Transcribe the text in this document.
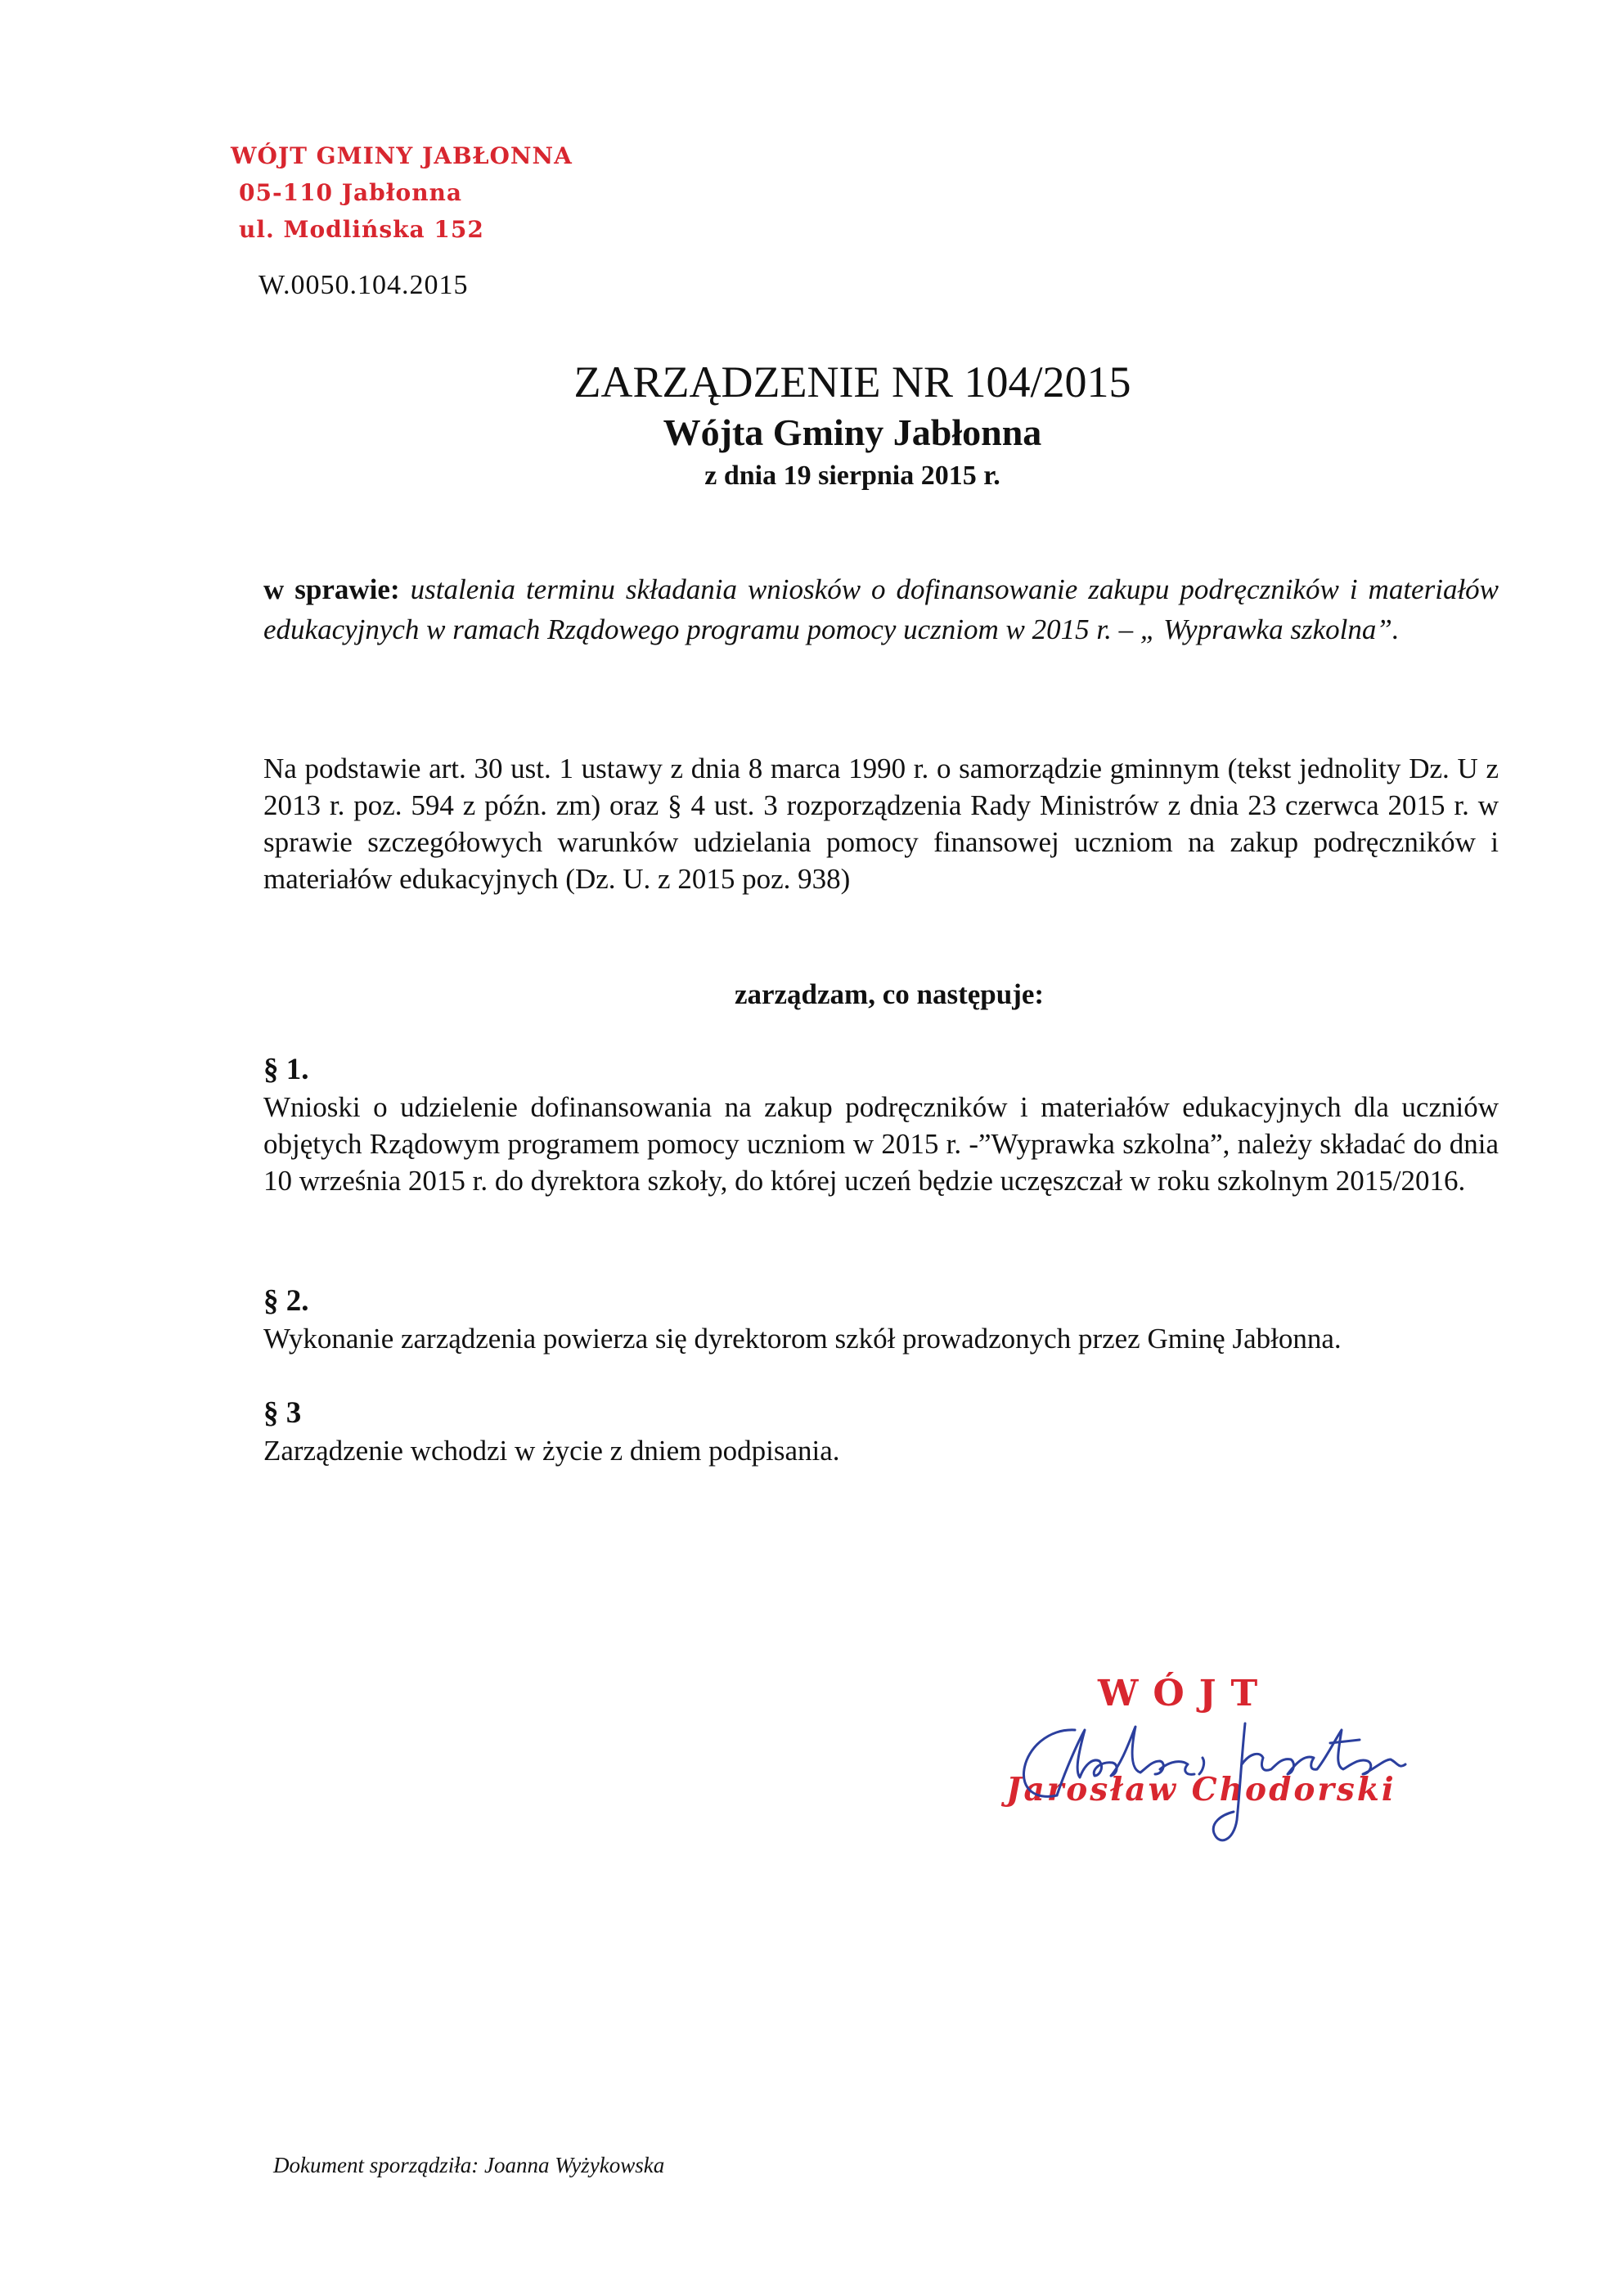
WÓJT GMINY JABŁONNA
05-110 Jabłonna
ul. Modlińska 152
W.0050.104.2015
ZARZĄDZENIE NR 104/2015
Wójta Gminy Jabłonna
z dnia 19 sierpnia 2015 r.
w sprawie: ustalenia terminu składania wniosków o dofinansowanie zakupu podręczników i materiałów edukacyjnych w ramach Rządowego programu pomocy uczniom w 2015 r. – „ Wyprawka szkolna”.
Na podstawie art. 30 ust. 1 ustawy z dnia 8 marca 1990 r. o samorządzie gminnym (tekst jednolity Dz. U z 2013 r. poz. 594 z późn. zm) oraz § 4 ust. 3 rozporządzenia Rady Ministrów z dnia 23 czerwca 2015 r. w sprawie szczegółowych warunków udzielania pomocy finansowej uczniom na zakup podręczników i materiałów edukacyjnych (Dz. U. z 2015 poz. 938)
zarządzam, co następuje:
§ 1.
Wnioski o udzielenie dofinansowania na zakup podręczników i materiałów edukacyjnych dla uczniów objętych Rządowym programem pomocy uczniom w 2015 r. -”Wyprawka szkolna”, należy składać do dnia 10 września 2015 r. do dyrektora szkoły, do której uczeń będzie uczęszczał w roku szkolnym 2015/2016.
§ 2.
Wykonanie zarządzenia powierza się dyrektorom szkół prowadzonych przez Gminę Jabłonna.
§ 3
Zarządzenie wchodzi w życie z dniem podpisania.
WÓJT
Jarosław Chodorski
Dokument sporządziła: Joanna Wyżykowska
